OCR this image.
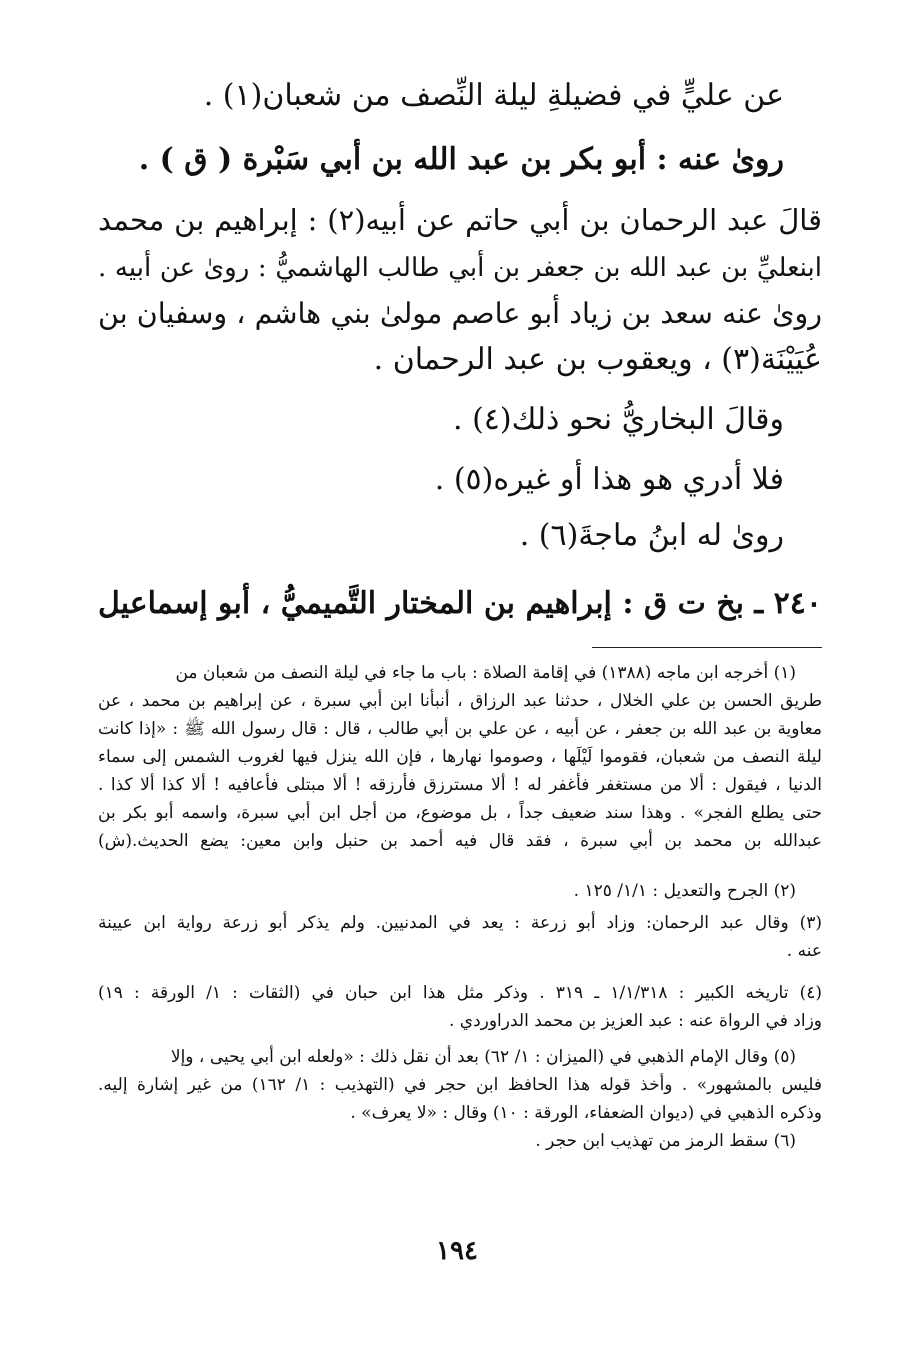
عن عليٍّ في فضيلةِ ليلة النِّصف من شعبان(١) .
روىٰ عنه : أبو بكر بن عبد الله بن أبي سَبْرة ( ق ) .
قالَ عبد الرحمان بن أبي حاتم عن أبيه(٢) : إبراهيم بن محمد
ابنعليِّ بن عبد الله بن جعفر بن أبي طالب الهاشميُّ : روىٰ عن أبيه .
روىٰ عنه سعد بن زياد أبو عاصم مولىٰ بني هاشم ، وسفيان بن
عُيَيْنَة(٣) ، ويعقوب بن عبد الرحمان .
وقالَ البخاريُّ نحو ذلك(٤) .
فلا أدري هو هذا أو غيره(٥) .
روىٰ له ابنُ ماجةَ(٦) .
٢٤٠ ـ بخ ت ق : إبراهيم بن المختار التَّميميُّ ، أبو إسماعيل
(١) أخرجه ابن ماجه (١٣٨٨) في إقامة الصلاة : باب ما جاء في ليلة النصف من شعبان من
طريق الحسن بن علي الخلال ، حدثنا عبد الرزاق ، أنبأنا ابن أبي سبرة ، عن إبراهيم بن محمد ، عن
معاوية بن عبد الله بن جعفر ، عن أبيه ، عن علي بن أبي طالب ، قال : قال رسول الله ﷺ : «إذا كانت
ليلة النصف من شعبان، فقوموا لَيْلَها ، وصوموا نهارها ، فإن الله ينزل فيها لغروب الشمس إلى سماء
الدنيا ، فيقول : ألا من مستغفر فأغفر له ! ألا مسترزق فأرزقه ! ألا مبتلى فأعافيه ! ألا كذا ألا كذا .
حتى يطلع الفجر» . وهذا سند ضعيف جداً ، بل موضوع، من أجل ابن أبي سبرة، واسمه أبو بكر بن
عبدالله بن محمد بن أبي سبرة ، فقد قال فيه أحمد بن حنبل وابن معين: يضع الحديث.(ش)
(٢) الجرح والتعديل : ١/١/ ١٢٥ .
(٣) وقال عبد الرحمان: وزاد أبو زرعة : يعد في المدنيين. ولم يذكر أبو زرعة رواية ابن عيينة
عنه .
(٤) تاريخه الكبير : ١/١/٣١٨ ـ ٣١٩ . وذكر مثل هذا ابن حبان في (الثقات : ١/ الورقة : ١٩)
وزاد في الرواة عنه : عبد العزيز بن محمد الدراوردي .
(٥) وقال الإمام الذهبي في (الميزان : ١/ ٦٢) بعد أن نقل ذلك : «ولعله ابن أبي يحيى ، وإلا
فليس بالمشهور» . وأخذ قوله هذا الحافظ ابن حجر في (التهذيب : ١/ ١٦٢) من غير إشارة إليه.
وذكره الذهبي في (ديوان الضعفاء، الورقة : ١٠) وقال : «لا يعرف» .
(٦) سقط الرمز من تهذيب ابن حجر .
١٩٤
